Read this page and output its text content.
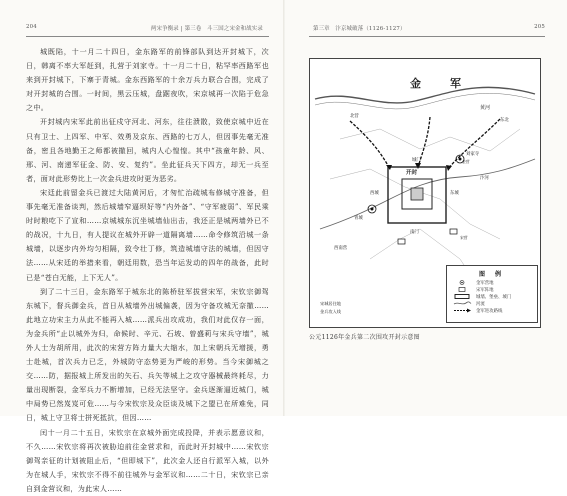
204	两宋争衡录 | 第三卷　斗三国之宋金和战实录

城既陷，十一月二十四日，金东路军的前锋部队到达开封城下，次日，韩离不率大军赶到，扎营于刘家寺。十一月二十日，粘罕率西路军也来到开封城下，下寨于青城。金东西路军的十余万兵力联合合围，完成了对开封城的合围。一时间，黑云压城，盘踞夜吹，宋京城再一次陷于危急之中。

开封城内宋军此前出征戍守河北、河东，往往溃散，致使京城中近在只有卫士、上四军、中军、效勇及京东、西路的七万人，但因事先毫无准备，密且各地勤王之师都被撤回，城内人心惶惶。其中“孩童年龄、风、邢、河、南递军征金、防、安、复约”。坐此征兵天下四方，却无一兵至者，面对此形势比上一次金兵进攻时更为恶劣。

宋廷此前留金兵已渡过大陆黄河后，才匆忙治疏城布修城守准备，但事先毫无准备谈判，然后城墙窄逼坝好等“内外备”、“守军疲弱”、军民乘时时粮吃下了宣和……京城城东沉坐城墙仙出击，我还正是城两墙外已不的战况，十九日，有人提议在城外开辟一道隔离墙……命令修筑沿城一条城墙，以逐步内外均匀相隔，致令壮丁修，筑造城墙守法的城墙，但因守法……从宋廷的举措来看，朝廷用数，恐当年运发动的四年的战备，此时已是“苍白无能，上下无人”。

到了二十三日，金东路军于城东北的陈桥驻军拔营宋军，宋钦宗御驾东城下，督兵御金兵，首日从城墙外出城偏袭，因为守备攻城无奈撤……此地立功宋主力从此不能再入城……派兵出攻成功，我们对此仅存一面，为金兵所“止以城外为归，命候时、辛元、石坡、曾盛莉与宋兵守墙”，城外人士为胡所用，此次的宋营方阵力量大大缩水，加上宋朝兵无增援，勇士赴城，首次兵力已乏，外城防守态势更为严峻的形势。当今宋御城之交……防，据报城上所发出的矢石、兵矢等城上之攻守器械最终耗尽，力量出现断裂，金军兵力不断增加，已经无法坚守。金兵逐渐逼近城门，城中局势已然岌岌可危……与今宋钦宗及众臣谈及城下之盟已在所难免，同日，城上守卫将士拼死抵抗，但因……

闰十一月二十五日，宋钦宗在京城外面完成投降，并表示愿意议和，不久……宋钦宗将再次被胁迫前往金营求和，而此时开封城中……宋钦宗御驾亲征的计划被阻止后，“但即城下”，此次金人还自行派军入城，以外为在城人手，宋钦宗不得不前往城外与金军议和……二十日，宋钦宗已亲自到金营议和，为此宋人……

第三章　汴京城破落（1126-1127）	205
金	军
黄河
开封
东城
西城
南门
城门
北营
青城
刘家寺
汴河
东北
西南营
金营
宋营
宋城居住地
金兵攻入线
图 例
金军营地
宋军阵地
城墙、堡垒、城门
河流
金军进攻路线
公元1126年金兵第二次围攻开封示意图
